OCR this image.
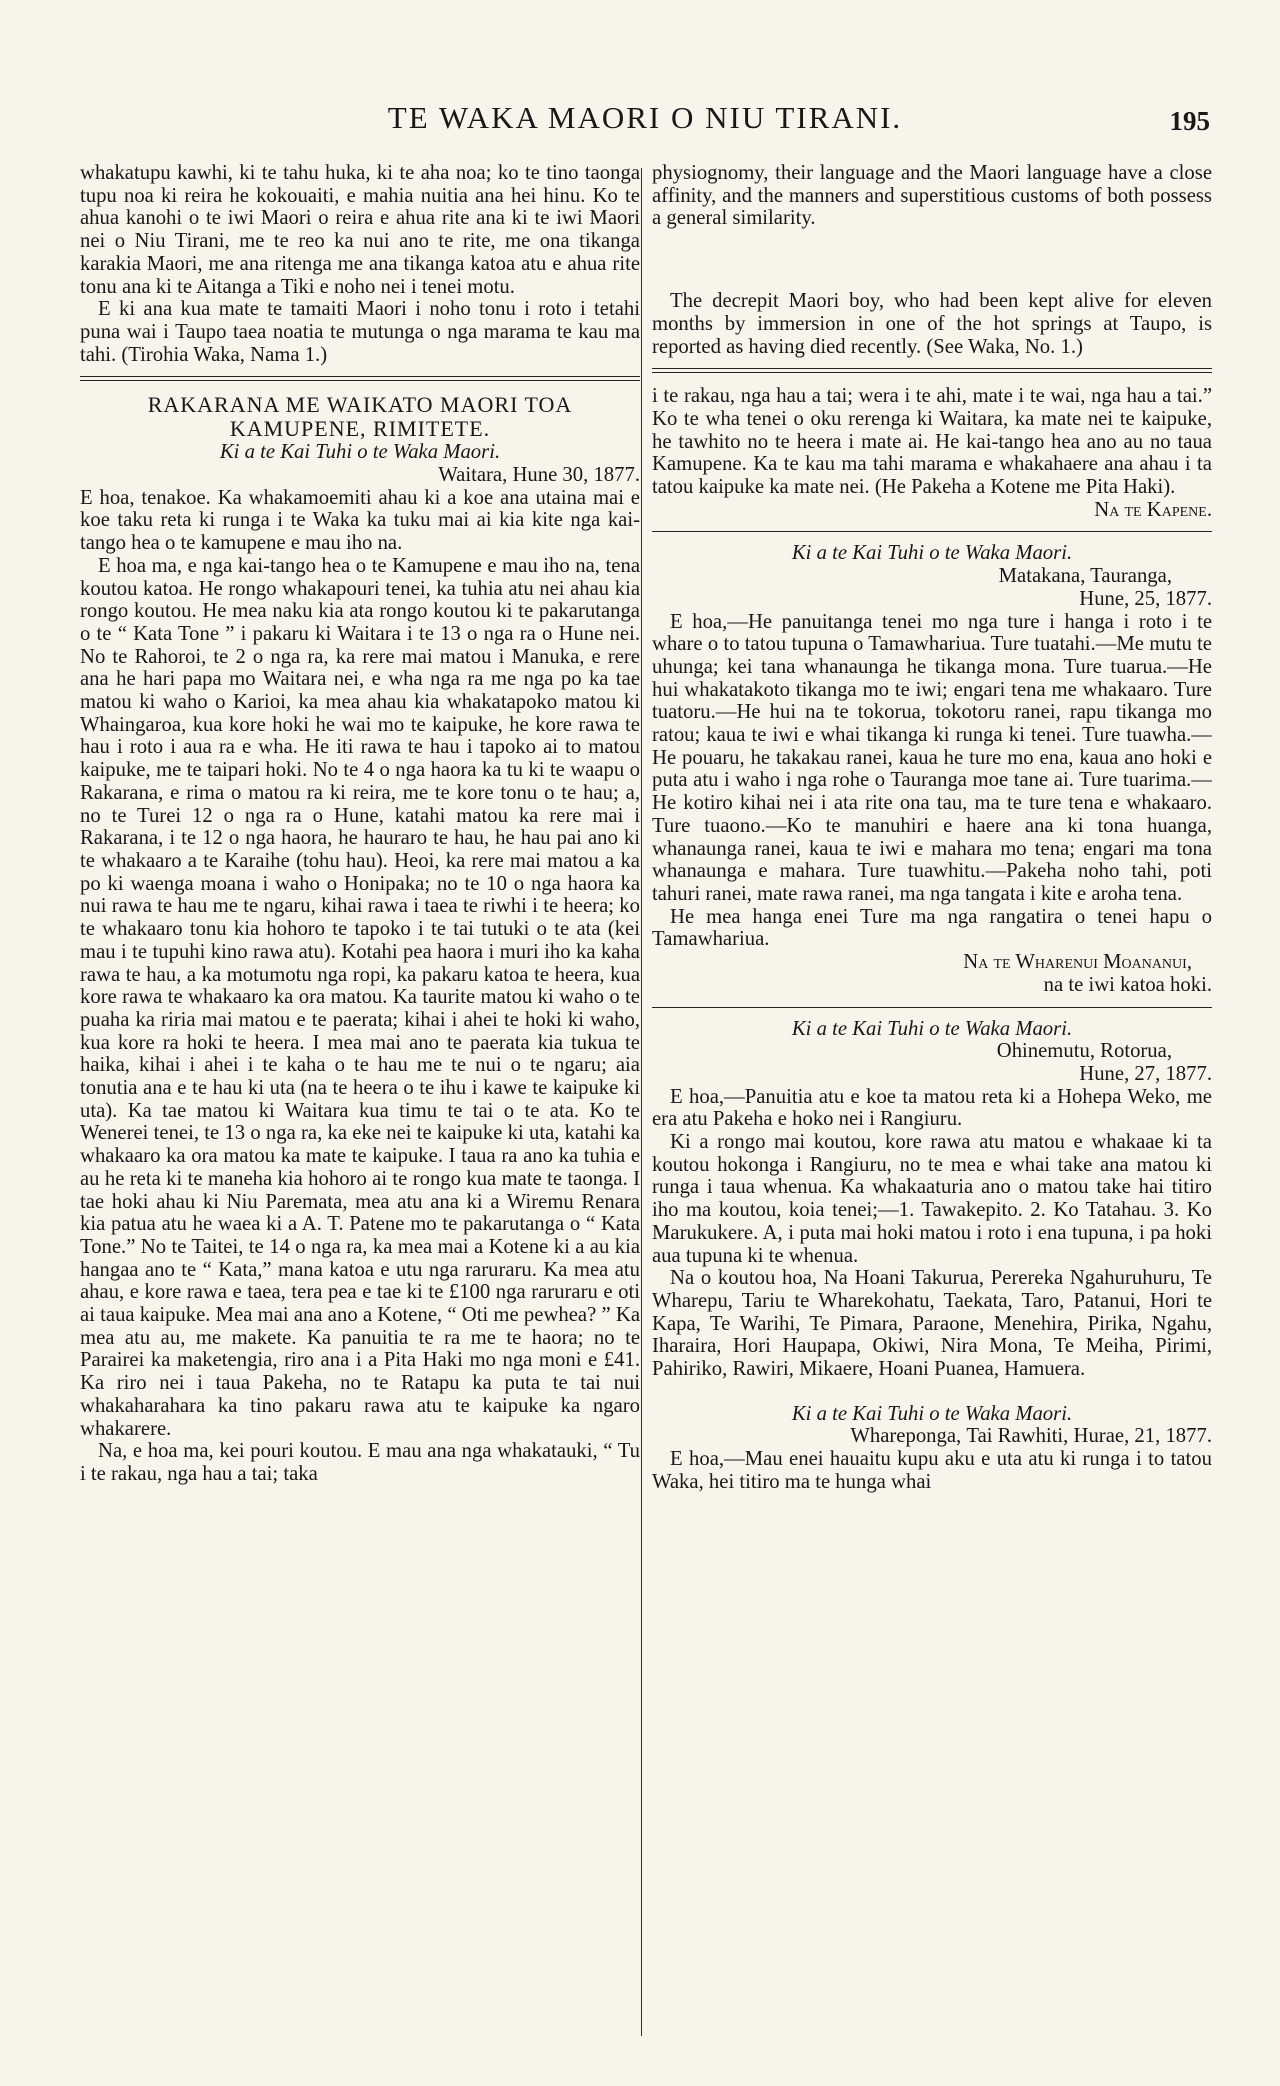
TE WAKA MAORI O NIU TIRANI.	195

whakatupu kawhi, ki te tahu huka, ki te aha noa; ko te tino taonga tupu noa ki reira he kokouaiti, e mahia nuitia ana hei hinu. Ko te ahua kanohi o te iwi Maori o reira e ahua rite ana ki te iwi Maori nei o Niu Tirani, me te reo ka nui ano te rite, me ona tikanga karakia Maori, me ana ritenga me ana tikanga katoa atu e ahua rite tonu ana ki te Aitanga a Tiki e noho nei i tenei motu.

E ki ana kua mate te tamaiti Maori i noho tonu i roto i tetahi puna wai i Taupo taea noatia te mutunga o nga marama te kau ma tahi. (Tirohia Waka, Nama 1.)

RAKARANA ME WAIKATO MAORI TOA KAMUPENE, RIMITETE.
Ki a te Kai Tuhi o te Waka Maori.
Waitara, Hune 30, 1877.

E hoa, tenakoe. Ka whakamoemiti ahau ki a koe ana utaina mai e koe taku reta ki runga i te Waka ka tuku mai ai kia kite nga kai-tango hea o te kamupene e mau iho na.

E hoa ma, e nga kai-tango hea o te Kamupene e mau iho na, tena koutou katoa. He rongo whakapouri tenei, ka tuhia atu nei ahau kia rongo koutou. He mea naku kia ata rongo koutou ki te pakarutanga o te “ Kata Tone ” i pakaru ki Waitara i te 13 o nga ra o Hune nei. No te Rahoroi, te 2 o nga ra, ka rere mai matou i Manuka, e rere ana he hari papa mo Waitara nei, e wha nga ra me nga po ka tae matou ki waho o Karioi, ka mea ahau kia whakatapoko matou ki Whaingaroa, kua kore hoki he wai mo te kaipuke, he kore rawa te hau i roto i aua ra e wha. He iti rawa te hau i tapoko ai to matou kaipuke, me te taipari hoki. No te 4 o nga haora ka tu ki te waapu o Rakarana, e rima o matou ra ki reira, me te kore tonu o te hau; a, no te Turei 12 o nga ra o Hune, katahi matou ka rere mai i Rakarana, i te 12 o nga haora, he hauraro te hau, he hau pai ano ki te whakaaro a te Karaihe (tohu hau). Heoi, ka rere mai matou a ka po ki waenga moana i waho o Honipaka; no te 10 o nga haora ka nui rawa te hau me te ngaru, kihai rawa i taea te riwhi i te heera; ko te whakaaro tonu kia hohoro te tapoko i te tai tutuki o te ata (kei mau i te tupuhi kino rawa atu). Kotahi pea haora i muri iho ka kaha rawa te hau, a ka motumotu nga ropi, ka pakaru katoa te heera, kua kore rawa te whakaaro ka ora matou. Ka taurite matou ki waho o te puaha ka riria mai matou e te paerata; kihai i ahei te hoki ki waho, kua kore ra hoki te heera. I mea mai ano te paerata kia tukua te haika, kihai i ahei i te kaha o te hau me te nui o te ngaru; aia tonutia ana e te hau ki uta (na te heera o te ihu i kawe te kaipuke ki uta). Ka tae matou ki Waitara kua timu te tai o te ata. Ko te Wenerei tenei, te 13 o nga ra, ka eke nei te kaipuke ki uta, katahi ka whakaaro ka ora matou ka mate te kaipuke. I taua ra ano ka tuhia e au he reta ki te maneha kia hohoro ai te rongo kua mate te taonga. I tae hoki ahau ki Niu Paremata, mea atu ana ki a Wiremu Renara kia patua atu he waea ki a A. T. Patene mo te pakarutanga o “ Kata Tone.” No te Taitei, te 14 o nga ra, ka mea mai a Kotene ki a au kia hangaa ano te “ Kata,” mana katoa e utu nga raruraru. Ka mea atu ahau, e kore rawa e taea, tera pea e tae ki te £100 nga raruraru e oti ai taua kaipuke. Mea mai ana ano a Kotene, “ Oti me pewhea? ” Ka mea atu au, me makete. Ka panuitia te ra me te haora; no te Parairei ka maketengia, riro ana i a Pita Haki mo nga moni e £41. Ka riro nei i taua Pakeha, no te Ratapu ka puta te tai nui whakaharahara ka tino pakaru rawa atu te kaipuke ka ngaro whakarere.

Na, e hoa ma, kei pouri koutou. E mau ana nga whakatauki, “ Tu i te rakau, nga hau a tai; taka

physiognomy, their language and the Maori language have a close affinity, and the manners and superstitious customs of both possess a general similarity.

The decrepit Maori boy, who had been kept alive for eleven months by immersion in one of the hot springs at Taupo, is reported as having died recently. (See Waka, No. 1.)

i te rakau, nga hau a tai; wera i te ahi, mate i te wai, nga hau a tai.” Ko te wha tenei o oku rerenga ki Waitara, ka mate nei te kaipuke, he tawhito no te heera i mate ai. He kai-tango hea ano au no taua Kamupene. Ka te kau ma tahi marama e whakahaere ana ahau i ta tatou kaipuke ka mate nei. (He Pakeha a Kotene me Pita Haki).

Na te Kapene.
Ki a te Kai Tuhi o te Waka Maori.
Matakana, Tauranga,
Hune, 25, 1877.

E hoa,—He panuitanga tenei mo nga ture i hanga i roto i te whare o to tatou tupuna o Tamawhariua. Ture tuatahi.—Me mutu te uhunga; kei tana whanaunga he tikanga mona. Ture tuarua.—He hui whakatakoto tikanga mo te iwi; engari tena me whakaaro. Ture tuatoru.—He hui na te tokorua, tokotoru ranei, rapu tikanga mo ratou; kaua te iwi e whai tikanga ki runga ki tenei. Ture tuawha.—He pouaru, he takakau ranei, kaua he ture mo ena, kaua ano hoki e puta atu i waho i nga rohe o Tauranga moe tane ai. Ture tuarima.—He kotiro kihai nei i ata rite ona tau, ma te ture tena e whakaaro. Ture tuaono.—Ko te manuhiri e haere ana ki tona huanga, whanaunga ranei, kaua te iwi e mahara mo tena; engari ma tona whanaunga e mahara. Ture tuawhitu.—Pakeha noho tahi, poti tahuri ranei, mate rawa ranei, ma nga tangata i kite e aroha tena.

He mea hanga enei Ture ma nga rangatira o tenei hapu o Tamawhariua.

Na te Wharenui Moananui,
na te iwi katoa hoki.
Ki a te Kai Tuhi o te Waka Maori.
Ohinemutu, Rotorua,
Hune, 27, 1877.

E hoa,—Panuitia atu e koe ta matou reta ki a Hohepa Weko, me era atu Pakeha e hoko nei i Rangiuru.

Ki a rongo mai koutou, kore rawa atu matou e whakaae ki ta koutou hokonga i Rangiuru, no te mea e whai take ana matou ki runga i taua whenua. Ka whakaaturia ano o matou take hai titiro iho ma koutou, koia tenei;—1. Tawakepito. 2. Ko Tatahau. 3. Ko Marukukere. A, i puta mai hoki matou i roto i ena tupuna, i pa hoki aua tupuna ki te whenua.

Na o koutou hoa, Na Hoani Takurua, Perereka Ngahuruhuru, Te Wharepu, Tariu te Wharekohatu, Taekata, Taro, Patanui, Hori te Kapa, Te Warihi, Te Pimara, Paraone, Menehira, Pirika, Ngahu, Iharaira, Hori Haupapa, Okiwi, Nira Mona, Te Meiha, Pirimi, Pahiriko, Rawiri, Mikaere, Hoani Puanea, Hamuera.

Ki a te Kai Tuhi o te Waka Maori.
Wharepongа, Tai Rawhiti, Hurae, 21, 1877.

E hoa,—Mau enei hauaitu kupu aku e uta atu ki runga i to tatou Waka, hei titiro ma te hunga whai
